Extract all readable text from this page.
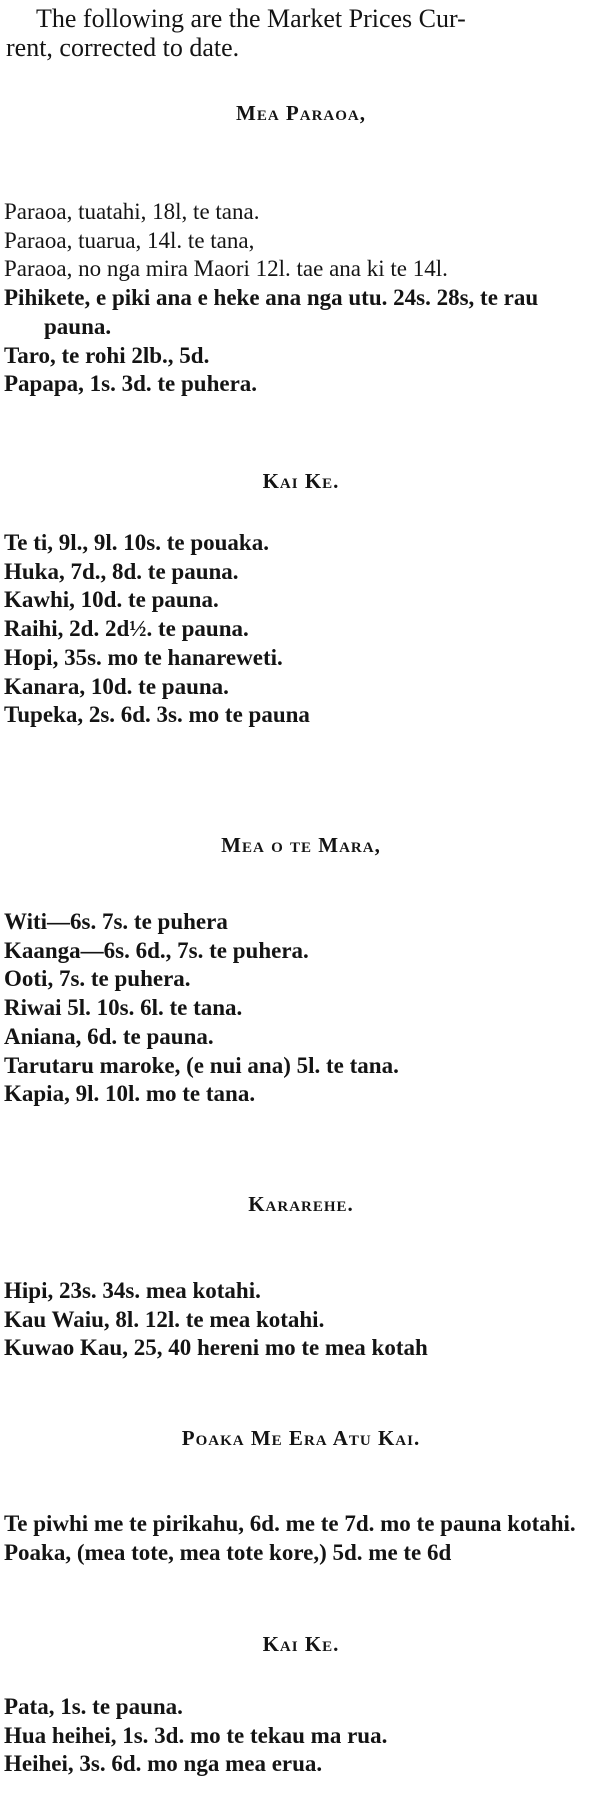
The following are the Market Prices Cur-
rent, corrected to date.

Mea Paraoa,
Paraoa, tuatahi, 18l, te tana.
Paraoa, tuarua, 14l. te tana,
Paraoa, no nga mira Maori 12l. tae ana ki te 14l.
Pihikete, e piki ana e heke ana nga utu. 24s. 28s, te rau pauna.
Taro, te rohi 2lb., 5d.
Papapa, 1s. 3d. te puhera.
Kai Ke.
Te ti, 9l., 9l. 10s. te pouaka.
Huka, 7d., 8d. te pauna.
Kawhi, 10d. te pauna.
Raihi, 2d. 2d½. te pauna.
Hopi, 35s. mo te hanareweti.
Kanara, 10d. te pauna.
Tupeka, 2s. 6d. 3s. mo te pauna
Mea o te Mara,
Witi—6s. 7s. te puhera
Kaanga—6s. 6d., 7s. te puhera.
Ooti, 7s. te puhera.
Riwai 5l. 10s. 6l. te tana.
Aniana, 6d. te pauna.
Tarutaru maroke, (e nui ana) 5l. te tana.
Kapia, 9l. 10l. mo te tana.
Kararehe.
Hipi, 23s. 34s. mea kotahi.
Kau Waiu, 8l. 12l. te mea kotahi.
Kuwao Kau, 25, 40 hereni mo te mea kotah
Poaka Me Era Atu Kai.
Te piwhi me te pirikahu, 6d. me te 7d. mo te pauna kotahi.
Poaka, (mea tote, mea tote kore,) 5d. me te 6d
Kai Ke.
Pata, 1s. te pauna.
Hua heihei, 1s. 3d. mo te tekau ma rua.
Heihei, 3s. 6d. mo nga mea erua.
